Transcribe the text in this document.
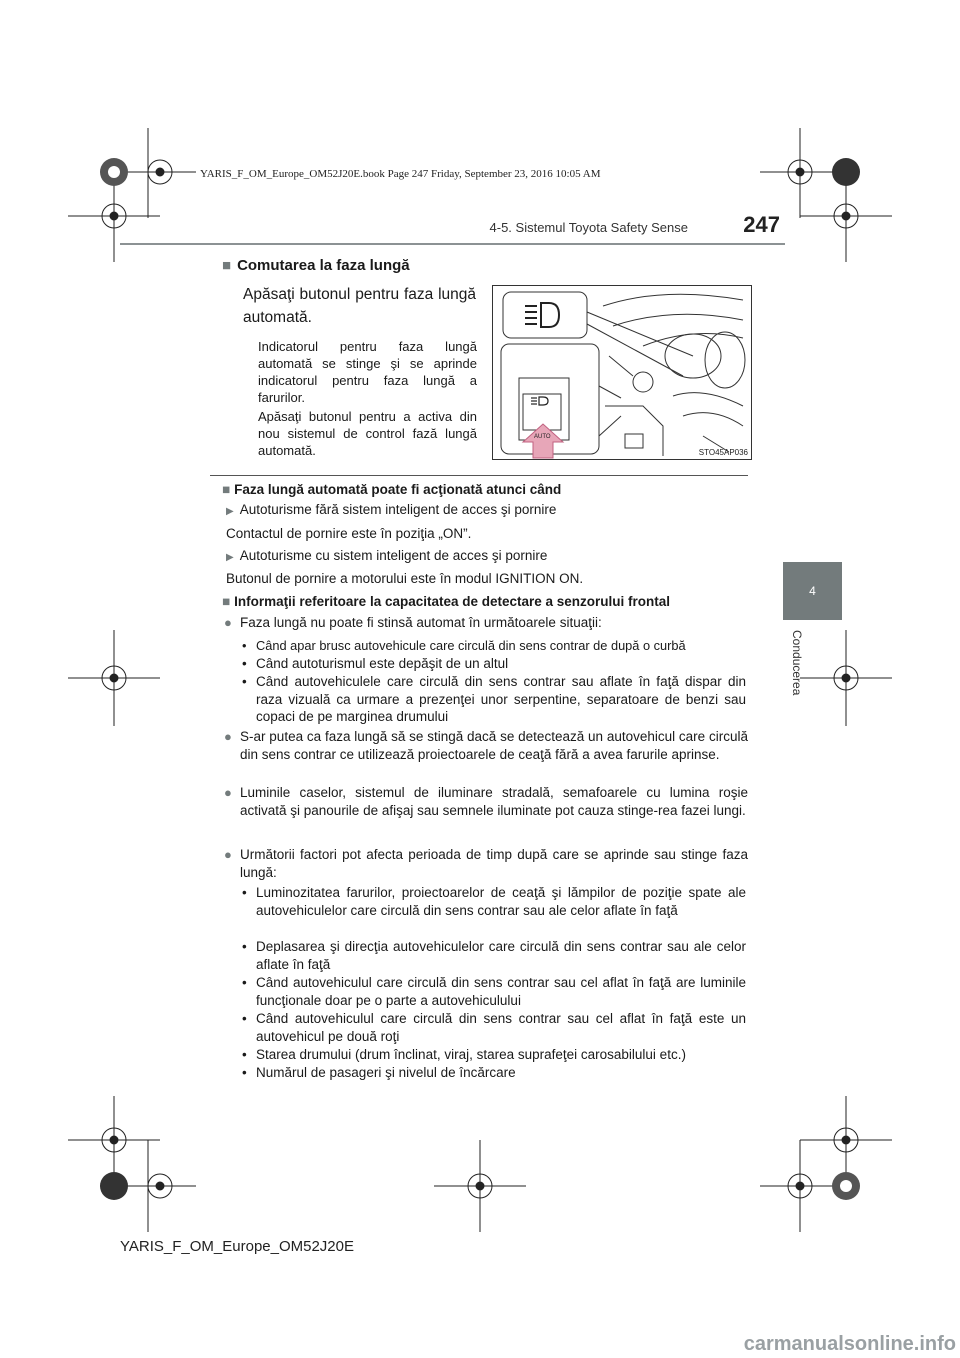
YARIS_F_OM_Europe_OM52J20E.book Page 247 Friday, September 23, 2016 10:05 AM
4-5. Sistemul Toyota Safety Sense	247
4
Conducerea
■ Comutarea la faza lungă
Apăsaţi butonul pentru faza lungă automată.
Indicatorul pentru faza lungă automată se stinge şi se aprinde indicatorul pentru faza lungă a farurilor.
Apăsaţi butonul pentru a activa din nou sistemul de control fază lungă automată.
AUTO
STO45AP036
■ Faza lungă automată poate fi acţionată atunci când
▶ Autoturisme fără sistem inteligent de acces şi pornire
Contactul de pornire este în poziţia „ON”.
▶ Autoturisme cu sistem inteligent de acces şi pornire
Butonul de pornire a motorului este în modul IGNITION ON.
■ Informaţii referitoare la capacitatea de detectare a senzorului frontal
● Faza lungă nu poate fi stinsă automat în următoarele situaţii:
• Când apar brusc autovehicule care circulă din sens contrar de după o curbă
• Când autoturismul este depăşit de un altul
• Când autovehiculele care circulă din sens contrar sau aflate în faţă dispar din raza vizuală ca urmare a prezenţei unor serpentine, separatoare de benzi sau copaci de pe marginea drumului
● S-ar putea ca faza lungă să se stingă dacă se detectează un autovehicul care circulă din sens contrar ce utilizează proiectoarele de ceaţă fără a avea farurile aprinse.
● Luminile caselor, sistemul de iluminare stradală, semafoarele cu lumina roşie activată şi panourile de afişaj sau semnele iluminate pot cauza stinge-rea fazei lungi.
● Următorii factori pot afecta perioada de timp după care se aprinde sau stinge faza lungă:
• Luminozitatea farurilor, proiectoarelor de ceaţă şi lămpilor de poziţie spate ale autovehiculelor care circulă din sens contrar sau ale celor aflate în faţă
• Deplasarea şi direcţia autovehiculelor care circulă din sens contrar sau ale celor aflate în faţă
• Când autovehiculul care circulă din sens contrar sau cel aflat în faţă are luminile funcţionale doar pe o parte a autovehiculului
• Când autovehiculul care circulă din sens contrar sau cel aflat în faţă este un autovehicul pe două roţi
• Starea drumului (drum înclinat, viraj, starea suprafeţei carosabilului etc.)
• Numărul de pasageri şi nivelul de încărcare
YARIS_F_OM_Europe_OM52J20E
carmanualsonline.info
